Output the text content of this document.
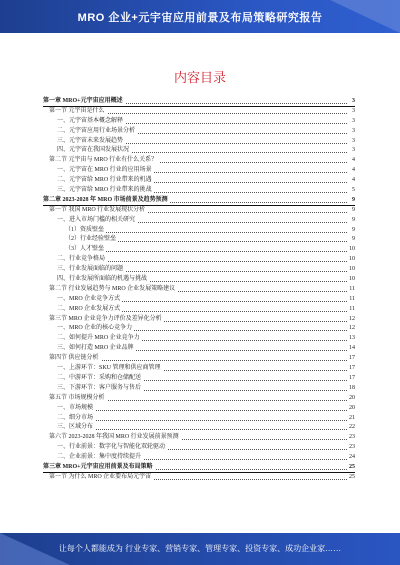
MRO 企业+元宇宙应用前景及布局策略研究报告
内容目录
第一章 MRO+元宇宙应用概述	3
第一节 元宇宙是什么	3
一、元宇宙基本概念解释	3
二、元宇宙应用行业场景分析	3
三、元宇宙未来发展趋势	3
四、元宇宙在我国发展状况	3
第二节 元宇宙与 MRO 行业有什么关系？	4
一、元宇宙在 MRO 行业的应用场景	4
二、元宇宙给 MRO 行业带来的机遇	4
三、元宇宙给 MRO 行业带来的挑战	5
第二章 2023-2028 年 MRO 市场前景及趋势预测	9
第一节 我国 MRO 行业发展现状分析	9
一、进入市场门槛的相关研究	9
（1）资质壁垒	9
（2）行业经验壁垒	9
（3）人才壁垒	10
二、行业竞争格局	10
三、行业发展面临的问题	10
四、行业发展所面临的机遇与挑战	10
第二节 行业发展趋势与 MRO 企业发展策略建议	11
一、MRO 企业竞争方式	11
二、MRO 企业发展方式	11
第三节 MRO 企业竞争力评价及差异化分析	12
一、MRO 企业的核心竞争力	12
二、如何提升 MRO 企业竞争力	13
三、如何打造 MRO 企业品牌	14
第四节 供应链分析	17
一、上游环节：SKU 管理和供应商管理	17
二、中游环节：采购和仓储配送	17
三、下游环节：客户服务与售后	18
第五节 市场规模分析	20
一、市场规模	20
二、细分市场	21
三、区域分布	22
第六节 2023-2028 年我国 MRO 行业发展前景预测	23
一、行业前景：数字化与智能化双轮驱动	23
二、企业前景：集中度持续提升	24
第三章 MRO+元宇宙应用前景及布局策略	25
第一节 为什么 MRO 企业要布局元宇宙	25
让每个人都能成为 行业专家、营销专家、管理专家、投资专家、成功企业家……
